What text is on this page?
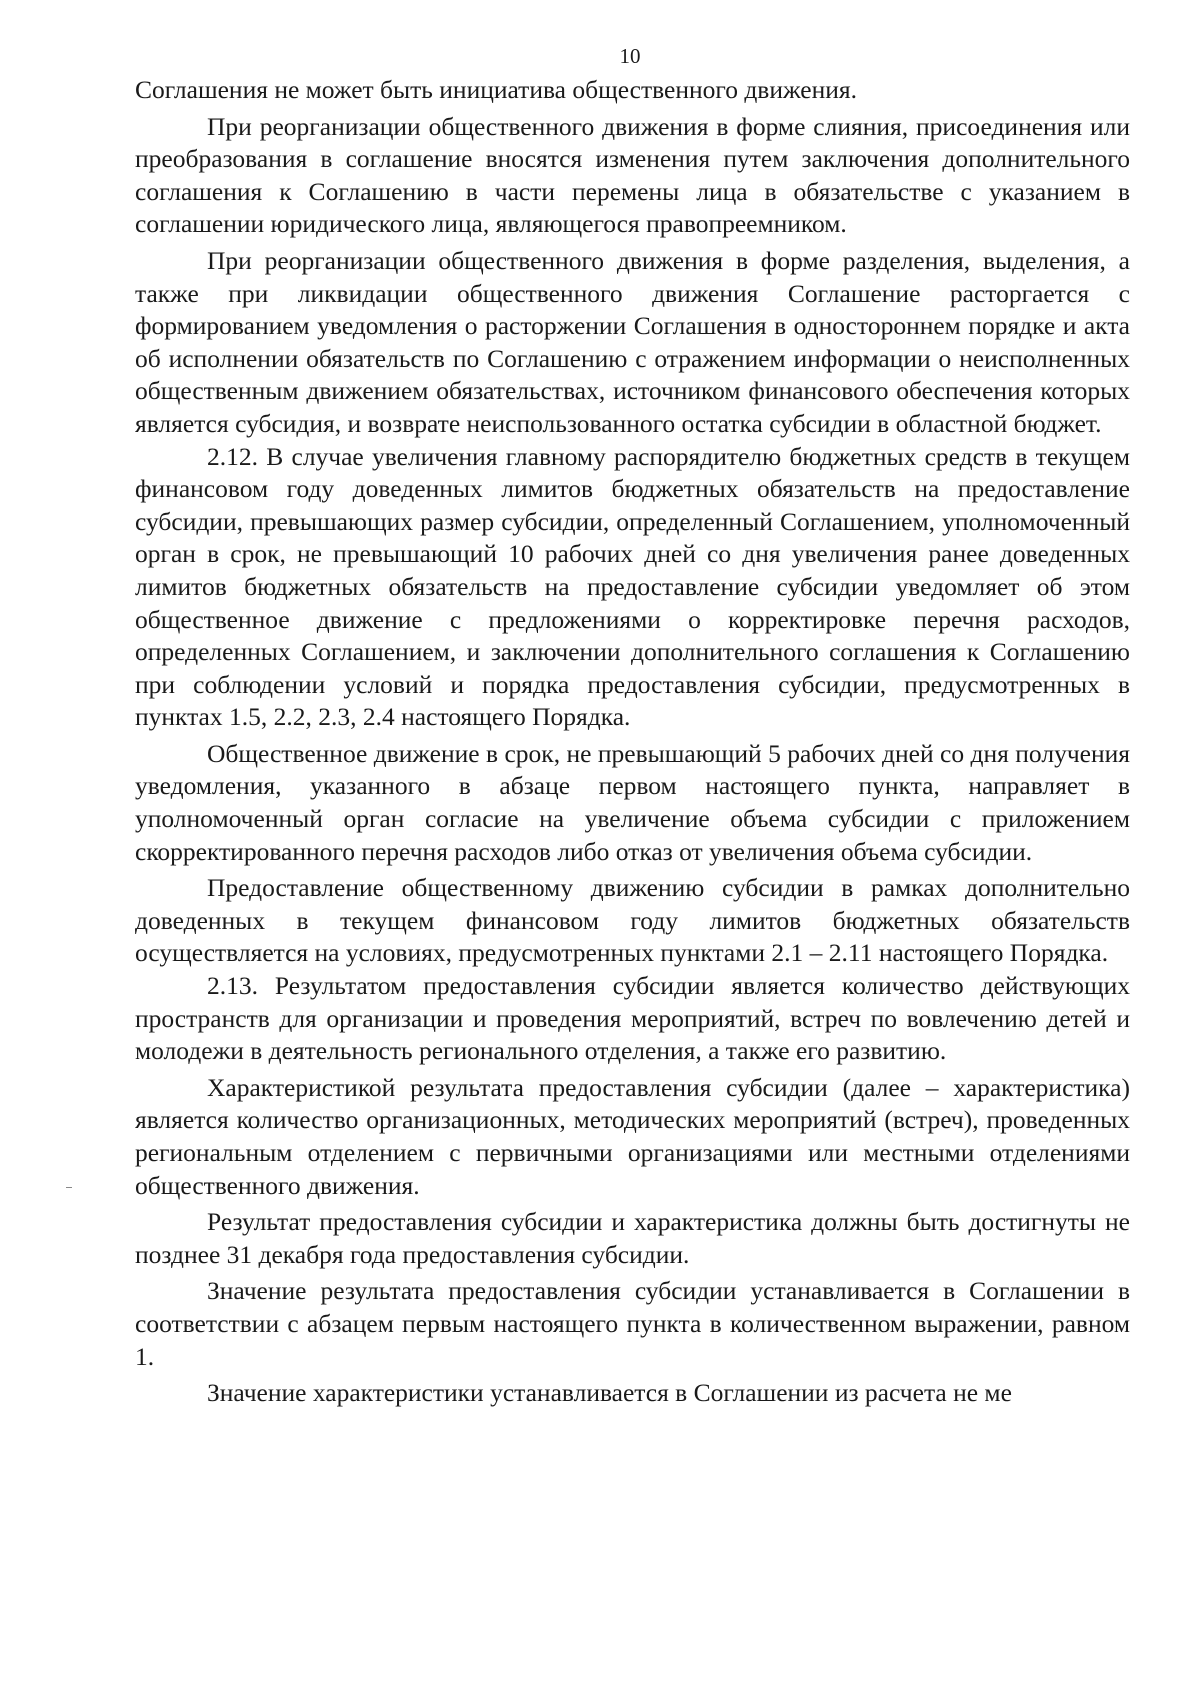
10

Соглашения не может быть инициатива общественного движения.

При реорганизации общественного движения в форме слияния, присоединения или преобразования в соглашение вносятся изменения путем заключения дополнительного соглашения к Соглашению в части перемены лица в обязательстве с указанием в соглашении юридического лица, являющегося правопреемником.

При реорганизации общественного движения в форме разделения, выделения, а также при ликвидации общественного движения Соглашение расторгается с формированием уведомления о расторжении Соглашения в одностороннем порядке и акта об исполнении обязательств по Соглашению с отражением информации о неисполненных общественным движением обязательствах, источником финансового обеспечения которых является субсидия, и возврате неиспользованного остатка субсидии в областной бюджет.

2.12. В случае увеличения главному распорядителю бюджетных средств в текущем финансовом году доведенных лимитов бюджетных обязательств на предоставление субсидии, превышающих размер субсидии, определенный Соглашением, уполномоченный орган в срок, не превышающий 10 рабочих дней со дня увеличения ранее доведенных лимитов бюджетных обязательств на предоставление субсидии уведомляет об этом общественное движение с предложениями о корректировке перечня расходов, определенных Соглашением, и заключении дополнительного соглашения к Соглашению при соблюдении условий и порядка предоставления субсидии, предусмотренных в пунктах 1.5, 2.2, 2.3, 2.4 настоящего Порядка.

Общественное движение в срок, не превышающий 5 рабочих дней со дня получения уведомления, указанного в абзаце первом настоящего пункта, направляет в уполномоченный орган согласие на увеличение объема субсидии с приложением скорректированного перечня расходов либо отказ от увеличения объема субсидии.

Предоставление общественному движению субсидии в рамках дополнительно доведенных в текущем финансовом году лимитов бюджетных обязательств осуществляется на условиях, предусмотренных пунктами 2.1 – 2.11 настоящего Порядка.

2.13. Результатом предоставления субсидии является количество действующих пространств для организации и проведения мероприятий, встреч по вовлечению детей и молодежи в деятельность регионального отделения, а также его развитию.

Характеристикой результата предоставления субсидии (далее – характеристика) является количество организационных, методических мероприятий (встреч), проведенных региональным отделением с первичными организациями или местными отделениями общественного движения.

Результат предоставления субсидии и характеристика должны быть достигнуты не позднее 31 декабря года предоставления субсидии.

Значение результата предоставления субсидии устанавливается в Соглашении в соответствии с абзацем первым настоящего пункта в количественном выражении, равном 1.

Значение характеристики устанавливается в Соглашении из расчета не ме
